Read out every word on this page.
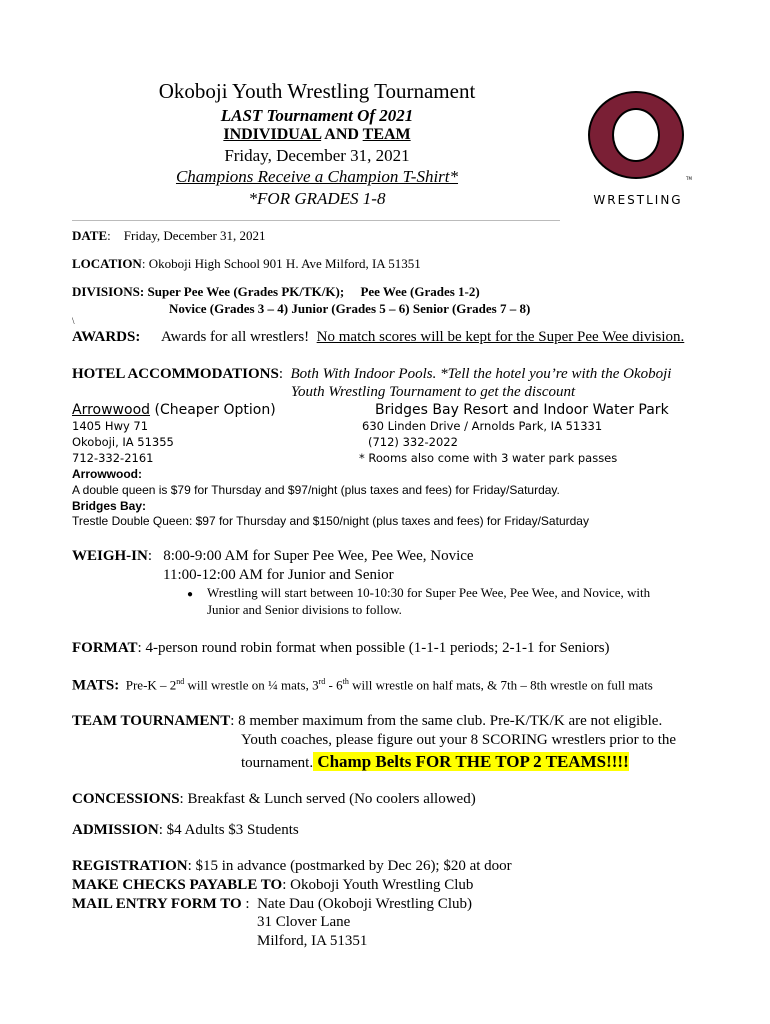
Okoboji Youth Wrestling Tournament
LAST Tournament Of 2021
INDIVIDUAL AND TEAM
Friday, December 31, 2021
Champions Receive a Champion T-Shirt*
*FOR GRADES 1-8
TM
WRESTLING
DATE:    Friday, December 31, 2021
LOCATION: Okoboji High School 901 H. Ave Milford, IA 51351
DIVISIONS: Super Pee Wee (Grades PK/TK/K); Pee Wee (Grades 1-2)
Novice (Grades 3 – 4) Junior (Grades 5 – 6) Senior (Grades 7 – 8)
\
AWARDS: Awards for all wrestlers! No match scores will be kept for the Super Pee Wee division.
HOTEL ACCOMMODATIONS:  Both With Indoor Pools. *Tell the hotel you’re with the Okoboji
Youth Wrestling Tournament to get the discount
Arrowwood (Cheaper Option)	Bridges Bay Resort and Indoor Water Park
1405 Hwy 71	630 Linden Drive / Arnolds Park, IA 51331
Okoboji, IA 51355	(712) 332-2022
712-332-2161	* Rooms also come with 3 water park passes
Arrowwood:
A double queen is $79 for Thursday and $97/night (plus taxes and fees) for Friday/Saturday.
Bridges Bay:
Trestle Double Queen: $97 for Thursday and $150/night (plus taxes and fees) for Friday/Saturday
WEIGH-IN:   8:00-9:00 AM for Super Pee Wee, Pee Wee, Novice
11:00-12:00 AM for Junior and Senior
● Wrestling will start between 10-10:30 for Super Pee Wee, Pee Wee, and Novice, with
Junior and Senior divisions to follow.
FORMAT: 4-person round robin format when possible (1-1-1 periods; 2-1-1 for Seniors)
MATS: Pre-K – 2nd will wrestle on ¼ mats, 3rd - 6th will wrestle on half mats, & 7th – 8th wrestle on full mats
TEAM TOURNAMENT: 8 member maximum from the same club. Pre-K/TK/K are not eligible.
Youth coaches, please figure out your 8 SCORING wrestlers prior to the
tournament. Champ Belts FOR THE TOP 2 TEAMS!!!!
CONCESSIONS: Breakfast & Lunch served (No coolers allowed)
ADMISSION: $4 Adults $3 Students
REGISTRATION: $15 in advance (postmarked by Dec 26); $20 at door
MAKE CHECKS PAYABLE TO: Okoboji Youth Wrestling Club
MAIL ENTRY FORM TO :  Nate Dau (Okoboji Wrestling Club)
31 Clover Lane
Milford, IA 51351
